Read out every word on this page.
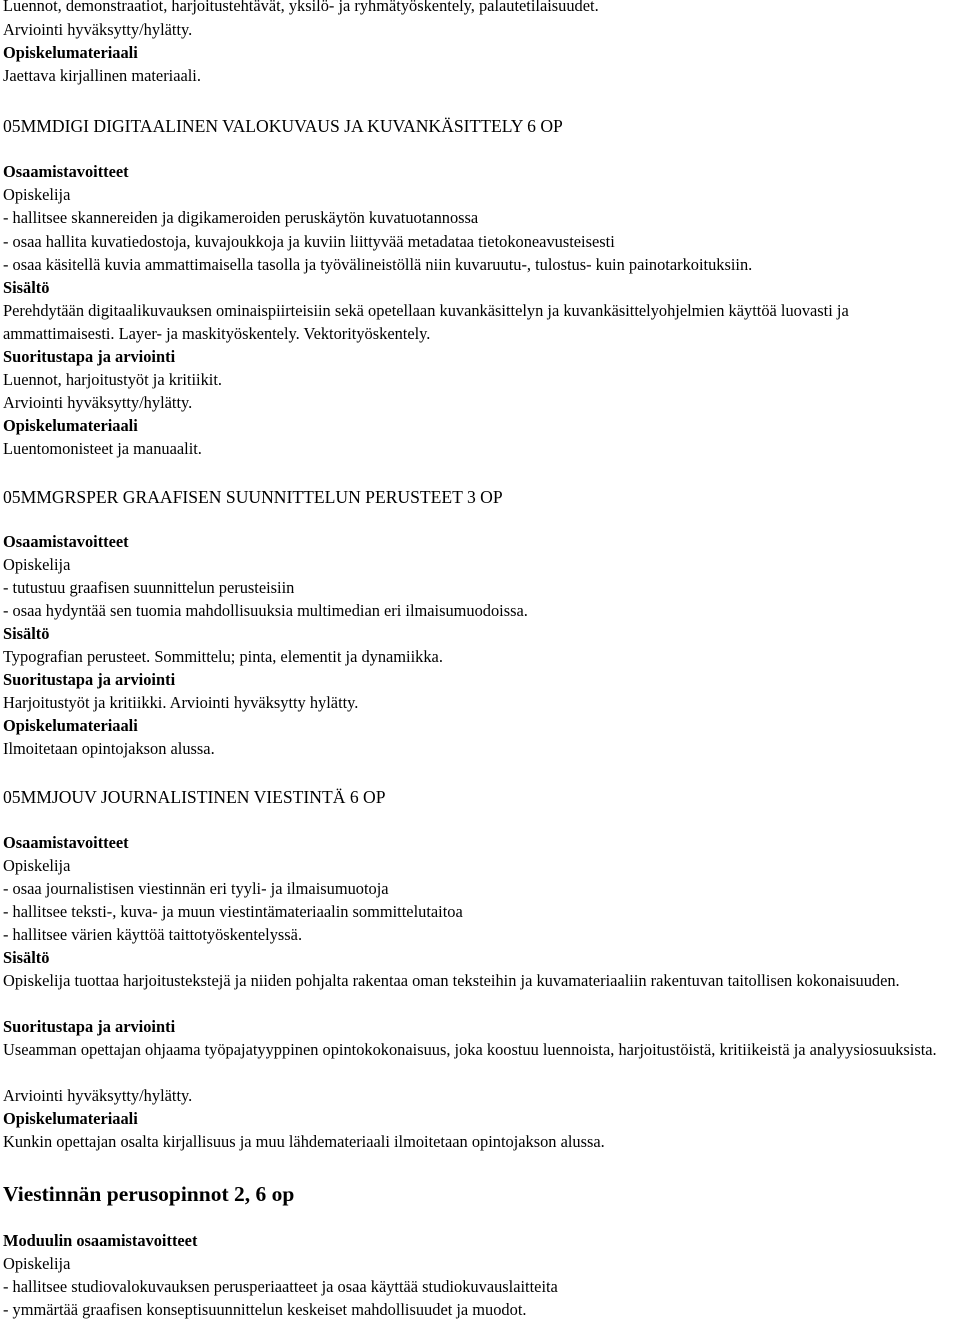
Luennot, demonstraatiot, harjoitustehtävät, yksilö- ja ryhmätyöskentely, palautetilaisuudet.
Arviointi hyväksytty/hylätty.
Opiskelumateriaali
Jaettava kirjallinen materiaali.
05MMDIGI DIGITAALINEN VALOKUVAUS JA KUVANKÄSITTELY 6 OP
Osaamistavoitteet
Opiskelija
- hallitsee skannereiden ja digikameroiden peruskäytön kuvatuotannossa
- osaa hallita kuvatiedostoja, kuvajoukkoja ja kuviin liittyvää metadataa tietokoneavusteisesti
- osaa käsitellä kuvia ammattimaisella tasolla ja työvälineistöllä niin kuvaruutu-, tulostus- kuin painotarkoituksiin.
Sisältö
Perehdytään digitaalikuvauksen ominaispiirteisiin sekä opetellaan kuvankäsittelyn ja kuvankäsittelyohjelmien käyttöä luovasti ja ammattimaisesti. Layer- ja maskityöskentely. Vektorityöskentely.
Suoritustapa ja arviointi
Luennot, harjoitustyöt ja kritiikit.
Arviointi hyväksytty/hylätty.
Opiskelumateriaali
Luentomonisteet ja manuaalit.
05MMGRSPER GRAAFISEN SUUNNITTELUN PERUSTEET 3 OP
Osaamistavoitteet
Opiskelija
- tutustuu graafisen suunnittelun perusteisiin
- osaa hydyntää sen tuomia mahdollisuuksia multimedian eri ilmaisumuodoissa.
Sisältö
Typografian perusteet. Sommittelu; pinta, elementit ja dynamiikka.
Suoritustapa ja arviointi
Harjoitustyöt ja kritiikki. Arviointi hyväksytty hylätty.
Opiskelumateriaali
Ilmoitetaan opintojakson alussa.
05MMJOUV JOURNALISTINEN VIESTINTÄ 6 OP
Osaamistavoitteet
Opiskelija
- osaa journalistisen viestinnän eri tyyli- ja ilmaisumuotoja
- hallitsee teksti-, kuva- ja muun viestintämateriaalin sommittelutaitoa
- hallitsee värien käyttöä taittotyöskentelyssä.
Sisältö
Opiskelija tuottaa harjoitustekstejä ja niiden pohjalta rakentaa oman teksteihin ja kuvamateriaaliin rakentuvan taitollisen kokonaisuuden.
Suoritustapa ja arviointi
Useamman opettajan ohjaama työpajatyyppinen opintokokonaisuus, joka koostuu luennoista, harjoitustöistä, kritiikeistä ja analyysiosuuksista.
Arviointi hyväksytty/hylätty.
Opiskelumateriaali
Kunkin opettajan osalta kirjallisuus ja muu lähdemateriaali ilmoitetaan opintojakson alussa.
Viestinnän perusopinnot 2, 6 op
Moduulin osaamistavoitteet
Opiskelija
- hallitsee studiovalokuvauksen perusperiaatteet ja osaa käyttää studiokuvauslaitteita
- ymmärtää graafisen konseptisuunnittelun keskeiset mahdollisuudet ja muodot.
